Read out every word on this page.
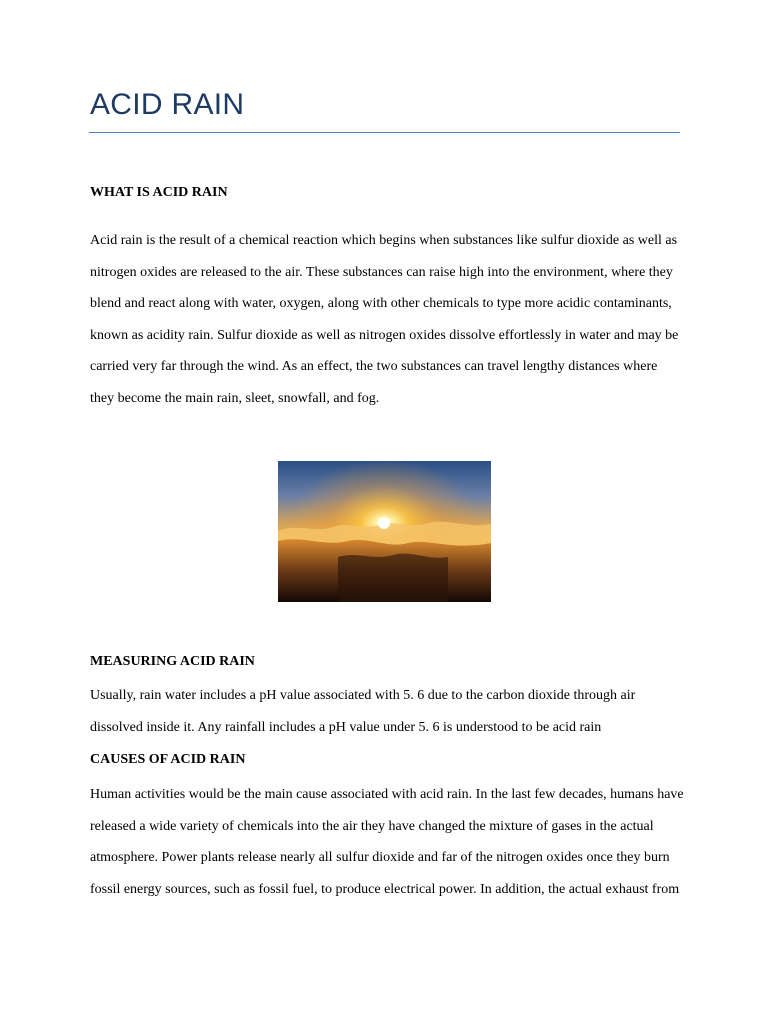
ACID RAIN
WHAT IS ACID RAIN

Acid rain is the result of a chemical reaction which begins when substances like sulfur dioxide as well as
nitrogen oxides are released to the air. These substances can raise high into the environment, where they
blend and react along with water, oxygen, along with other chemicals to type more acidic contaminants,
known as acidity rain. Sulfur dioxide as well as nitrogen oxides dissolve effortlessly in water and may be
carried very far through the wind. As an effect, the two substances can travel lengthy distances where
they become the main rain, sleet, snowfall, and fog.

MEASURING ACID RAIN

Usually, rain water includes a pH value associated with 5. 6 due to the carbon dioxide through air
dissolved inside it. Any rainfall includes a pH value under 5. 6 is understood to be acid rain

CAUSES OF ACID RAIN

Human activities would be the main cause associated with acid rain. In the last few decades, humans have
released a wide variety of chemicals into the air they have changed the mixture of gases in the actual
atmosphere. Power plants release nearly all sulfur dioxide and far of the nitrogen oxides once they burn
fossil energy sources, such as fossil fuel, to produce electrical power. In addition, the actual exhaust from
